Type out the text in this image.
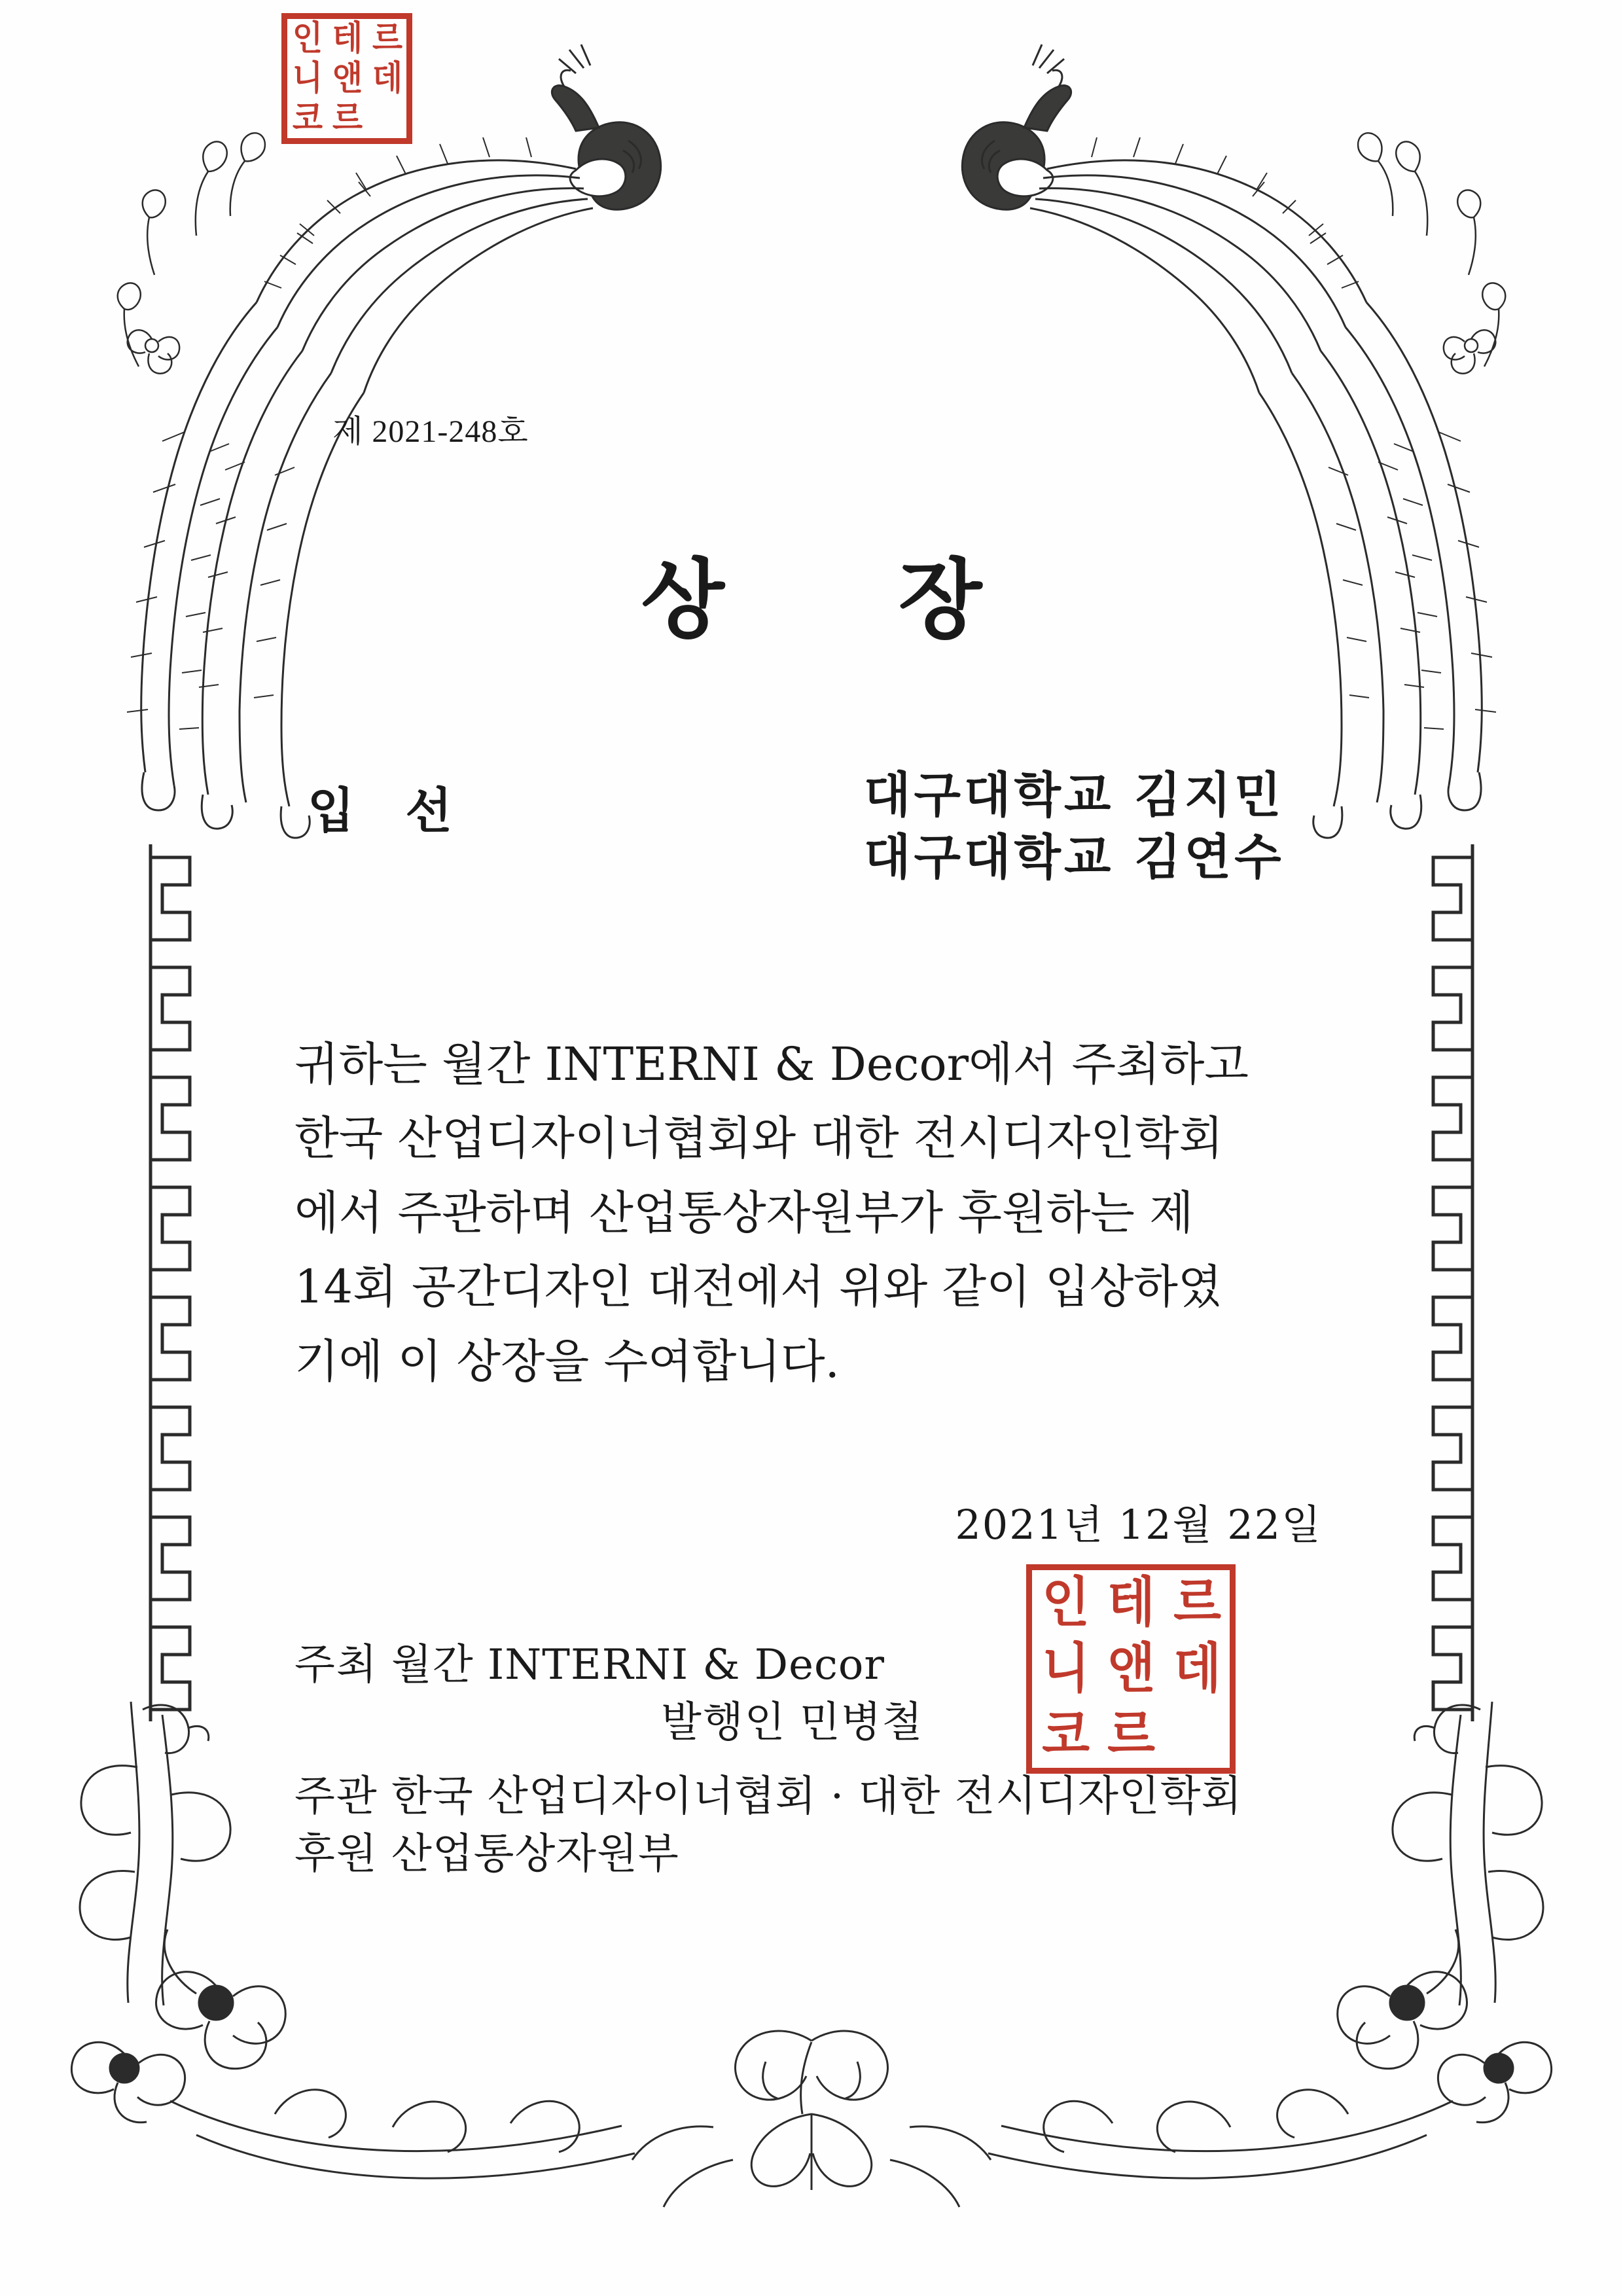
인 테 르
니 앤 데
코 르
제 2021-248호
상 장
입 선	대구대학교 김지민
대구대학교 김연수
귀하는 월간 INTERNI & Decor에서 주최하고
한국 산업디자이너협회와 대한 전시디자인학회
에서 주관하며 산업통상자원부가 후원하는 제
14회 공간디자인 대전에서 위와 같이 입상하였
기에 이 상장을 수여합니다.
2021년 12월 22일
인 테 르
니 앤 데
코 르
주최 월간 INTERNI & Decor
발행인 민병철
주관 한국 산업디자이너협회 · 대한 전시디자인학회
후원 산업통상자원부
